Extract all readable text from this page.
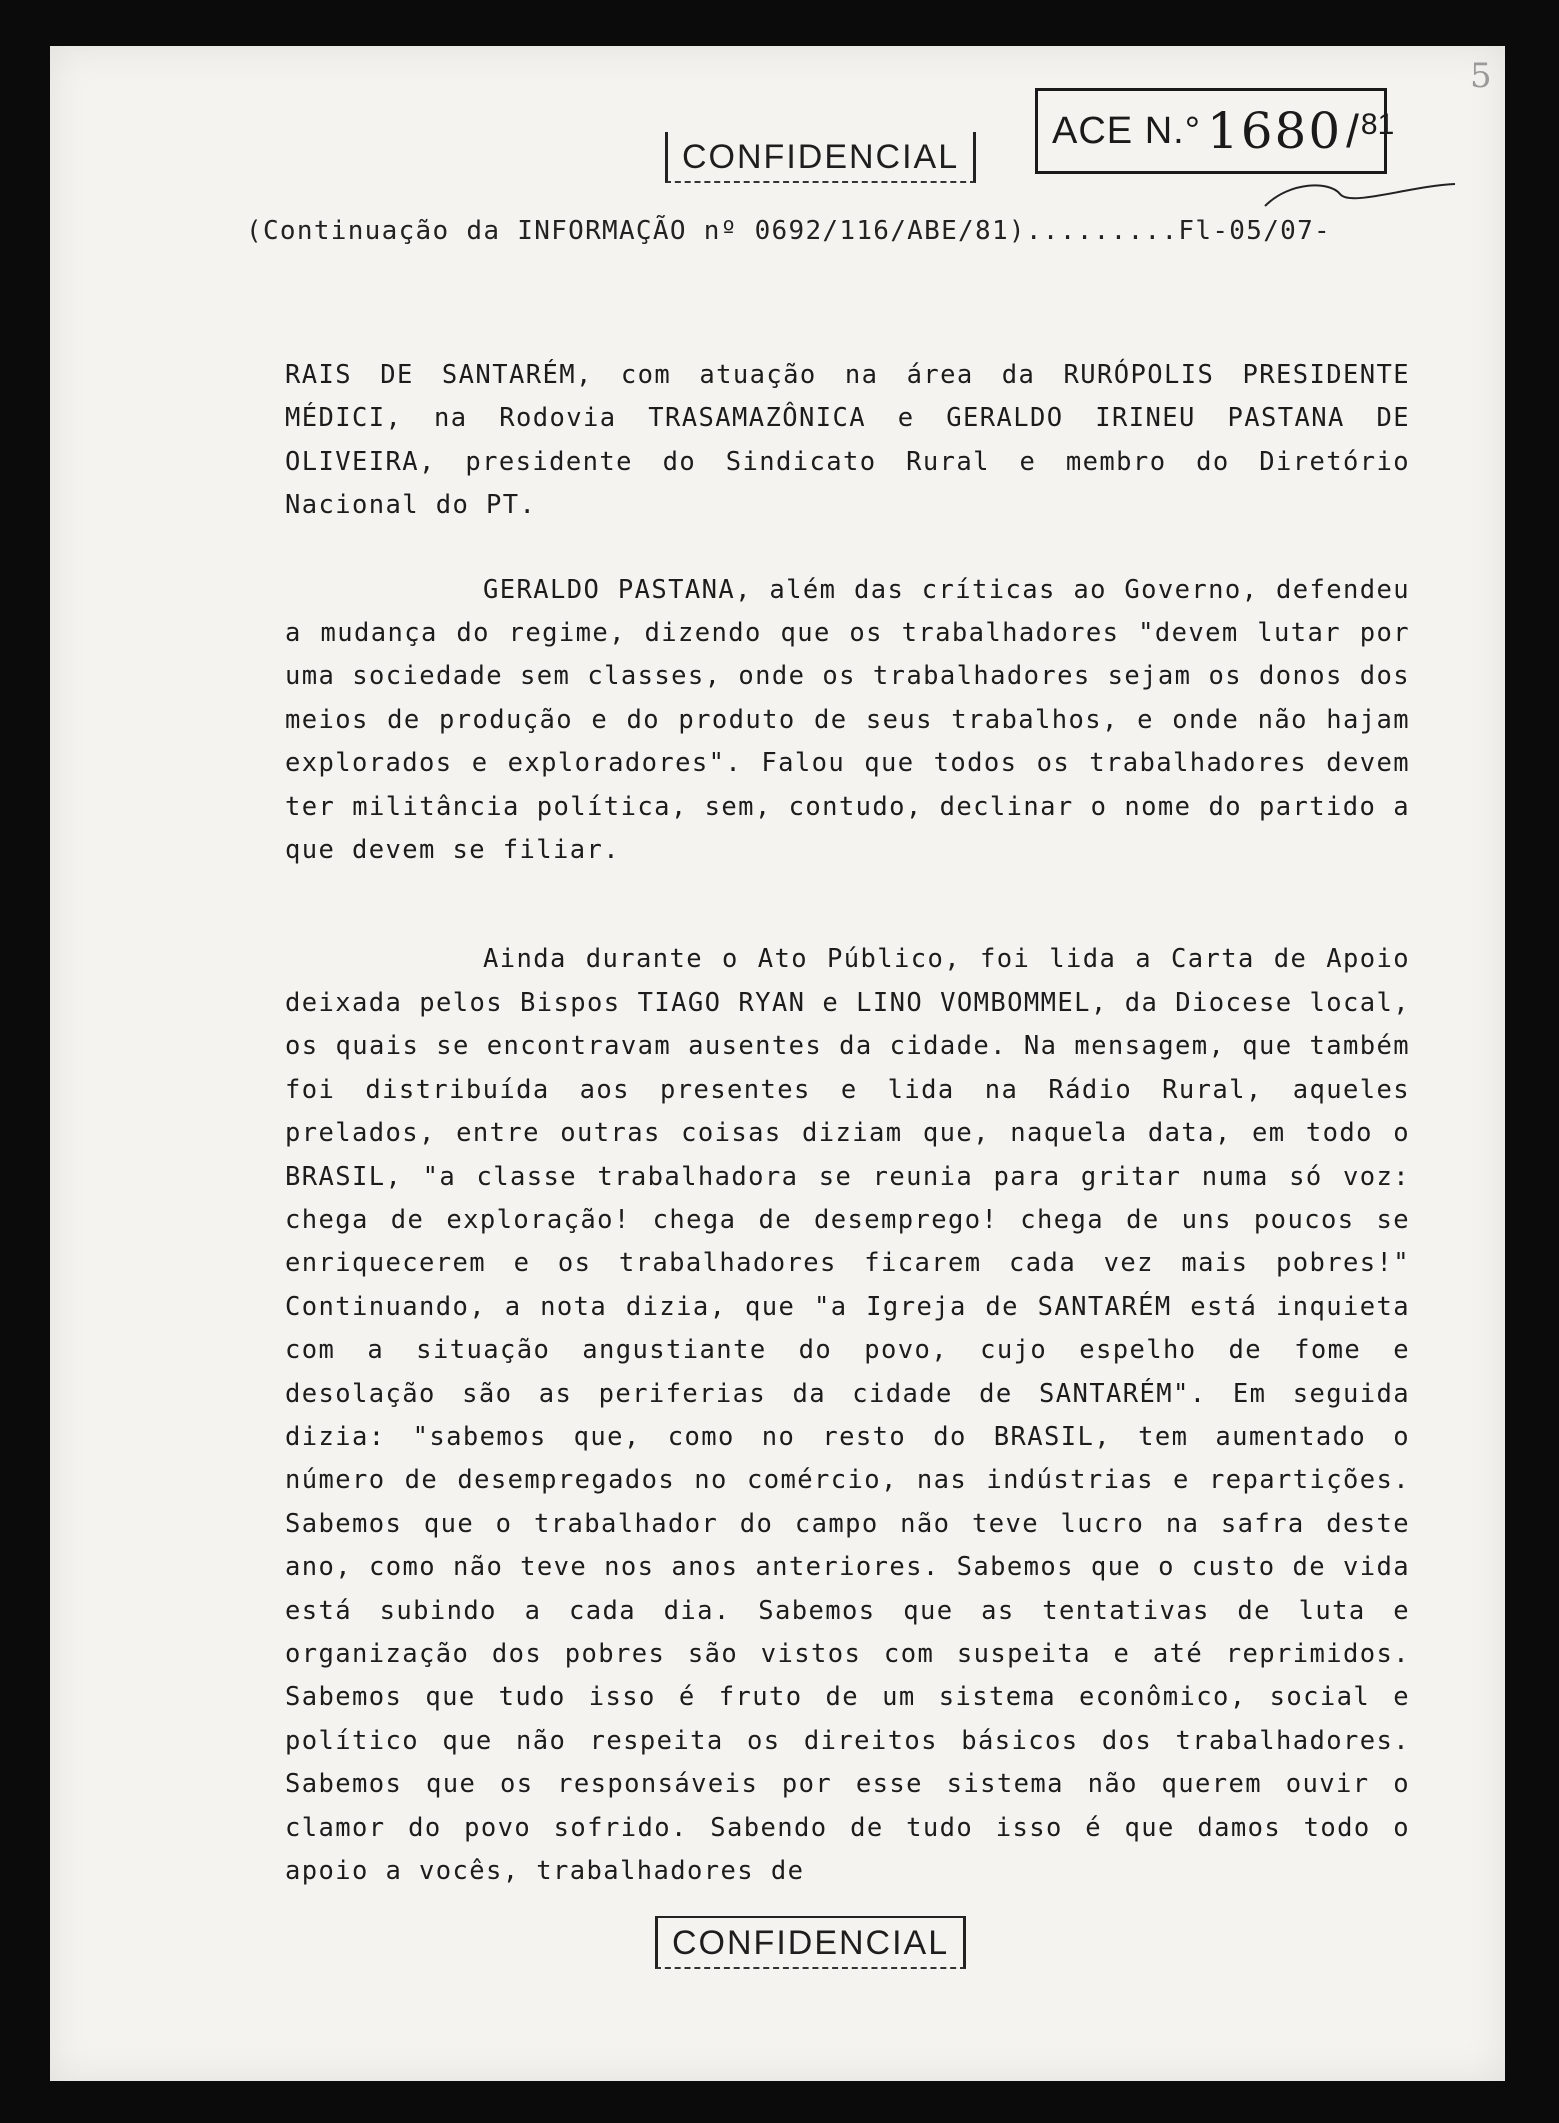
5
CONFIDENCIAL
ACE N.° 1680 / 81
(Continuação da INFORMAÇÃO nº 0692/116/ABE/81).........Fl-05/07-

RAIS DE SANTARÉM, com atuação na área da RURÓPOLIS PRESIDENTE MÉDICI, na Rodovia TRASAMAZÔNICA e GERALDO IRINEU PASTANA DE OLIVEIRA, presidente do Sindicato Rural e membro do Diretório Nacional do PT.

GERALDO PASTANA, além das críticas ao Governo, defendeu a mudança do regime, dizendo que os trabalhadores "devem lutar por uma sociedade sem classes, onde os trabalhadores sejam os donos dos meios de produção e do produto de seus trabalhos, e onde não hajam explorados e exploradores". Falou que todos os trabalhadores devem ter militância política, sem, contudo, declinar o nome do partido a que devem se filiar.

Ainda durante o Ato Público, foi lida a Carta de Apoio deixada pelos Bispos TIAGO RYAN e LINO VOMBOMMEL, da Diocese local, os quais se encontravam ausentes da cidade. Na mensagem, que também foi distribuída aos presentes e lida na Rádio Rural, aqueles prelados, entre outras coisas diziam que, naquela data, em todo o BRASIL, "a classe trabalhadora se reunia para gritar numa só voz: chega de exploração! chega de desemprego! chega de uns poucos se enriquecerem e os trabalhadores ficarem cada vez mais pobres!" Continuando, a nota dizia, que "a Igreja de SANTARÉM está inquieta com a situação angustiante do povo, cujo espelho de fome e desolação são as periferias da cidade de SANTARÉM". Em seguida dizia: "sabemos que, como no resto do BRASIL, tem aumentado o número de desempregados no comércio, nas indústrias e repartições. Sabemos que o trabalhador do campo não teve lucro na safra deste ano, como não teve nos anos anteriores. Sabemos que o custo de vida está subindo a cada dia. Sabemos que as tentativas de luta e organização dos pobres são vistos com suspeita e até reprimidos. Sabemos que tudo isso é fruto de um sistema econômico, social e político que não respeita os direitos básicos dos trabalhadores. Sabemos que os responsáveis por esse sistema não querem ouvir o clamor do povo sofrido. Sabendo de tudo isso é que damos todo o apoio a vocês, trabalhadores de

CONFIDENCIAL
